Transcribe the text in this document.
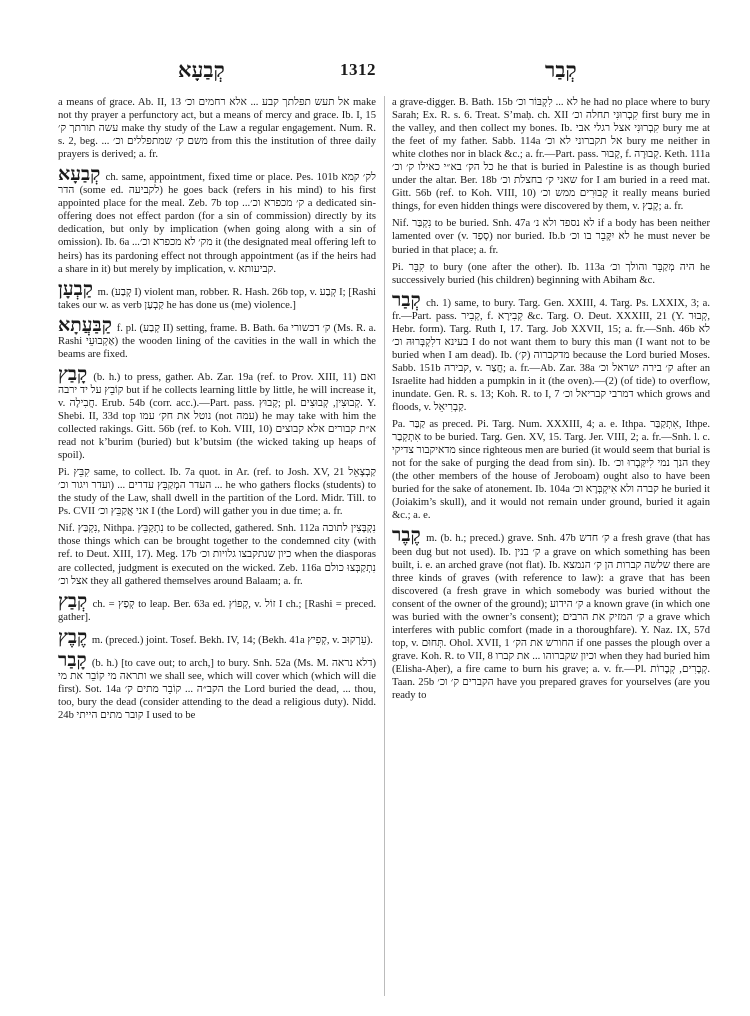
קְבַעָא	1312	קְבַר

a means of grace. Ab. II, 13 אל תעש תפלתך קבע ... אלא רחמים וכ׳ make not thy prayer a perfunctory act, but a means of mercy and grace. Ib. I, 15 עשה תורתך ק׳ make thy study of the Law a regular engagement. Num. R. s. 2, beg. ... משם ק׳ שמתפללים וכ׳ from this the institution of three daily prayers is derived; a. fr.

קְבַעָא ch. same, appointment, fixed time or place. Pes. 101b לק׳ קמא הדר (some ed. לקביעה) he goes back (refers in his mind) to his first appointed place for the meal. Zeb. 7b top ...ק׳ מכפרא וכ׳ a dedicated sin-offering does not effect pardon (for a sin of commission) directly by its dedication, but only by implication (when going along with a sin of omission). Ib. 6a ...מק׳ לא מכפרא וכ׳ it (the designated meal offering left to heirs) has its pardoning effect not through appointment (as if the heirs had a share in it) but merely by implication, v. קביעותא.

קַבְעָן m. (קְבַע I) violent man, robber. R. Hash. 26b top, v. קְבַע I; [Rashi takes our w. as verb קַבְעַן he has done us (me) violence.]

קַבַּעֲתָא f. pl. (קְבַע II) setting, frame. B. Bath. 6a ק׳ דכשורי (Ms. R. a. Rashi אַקְבוּעֵי) the wooden lining of the cavities in the wall in which the beams are fixed.

קָבַץ (b. h.) to press, gather. Ab. Zar. 19a (ref. to Prov. XIII, 11) ואם קוֹבֵץ על יד ירבה but if he collects learning little by little, he will increase it, v. חֲבִילָה. Erub. 54b (corr. acc.).—Part. pass. קָבוּץ; pl. קְבוּצִין, קְבוּצִים. Y. Shebi. II, 33d top נוטל את חק׳ עמו (not עמה) he may take with him the collected rakings. Gitt. 56b (ref. to Koh. VIII, 10) א״ת קבורים אלא קבוצים read not k’burim (buried) but k’butsim (the wicked taking up heaps of spoil).

Pi. קִבֵּץ same, to collect. Ib. 7a quot. in Ar. (ref. to Josh. XV, 21 קַבְצְאֵל ועדר ויגור וכ׳) ... העדר המְקַבֵּץ עדרים ... he who gathers flocks (students) to the study of the Law, shall dwell in the partition of the Lord. Midr. Till. to Ps. CVII אני אֲקַבֵּץ וכ׳ I (the Lord) will gather you in due time; a. fr.

Nif. נִקְבַּץ, Nithpa. נִתְקַבֵּץ to be collected, gathered. Snh. 112a נִקְבָּצִין לתוכה those things which can be brought together to the condemned city (with ref. to Deut. XIII, 17). Meg. 17b כיון שנתקבצו גלויות וכ׳ when the diasporas are collected, judgment is executed on the wicked. Zeb. 116a נִתְקַבְּצוּ כולם אצל וכ׳ they all gathered themselves around Balaam; a. fr.

קְבַץ ch. = קְפַץ to leap. Ber. 63a ed. קְפוֹץ, v. זוֹל I ch.; [Rashi = preced. gather].

קֶבֶץ m. (preced.) joint. Tosef. Bekh. IV, 14; (Bekh. 41a קְפִיץ, v. עֵרְקוּב).

קָבַר (b. h.) [to cave out; to arch,] to bury. Snh. 52a (Ms. M. דלא נראה) ותראה מי קוֹבֵר את מי we shall see, which will cover which (which will die first). Sot. 14a הקב״ה ... קוֹבֵר מתים ק׳ the Lord buried the dead, ... thou, too, bury the dead (consider attending to the dead a religious duty). Nidd. 24b קובר מתים הייתי I used to be

a grave-digger. B. Bath. 15b לא ... לִקְבּוֹר וכ׳ he had no place where to bury Sarah; Ex. R. s. 6. Treat. S’maḥ. ch. XII קִבְרוּנִי תחלה וכ׳ first bury me in the valley, and then collect my bones. Ib. קִבְרוּנִי אצל רגלי אבי bury me at the feet of my father. Sabb. 114a אל תקברוני לא וכ׳ bury me neither in white clothes nor in black &c.; a. fr.—Part. pass. קָבוּר, f. קְבוּרָה. Keth. 111a כל הק׳ בא״י כאילו ק׳ וכ׳ he that is buried in Palestine is as though buried under the altar. Ber. 18b שאני ק׳ בחצלת וכ׳ for I am buried in a reed mat. Gitt. 56b (ref. to Koh. VIII, 10) קְבוּרִים ממש וכ׳ it really means buried things, for even hidden things were discovered by them, v. קָבַץ; a. fr.

Nif. נִקְבַּר to be buried. Snh. 47a לא נספד ולא נ׳ if a body has been neither lamented over (v. סָפַד) nor buried. Ib.b לא יִקָּבֵר בו וכ׳ he must never be buried in that place; a. fr.

Pi. קִבֵּר to bury (one after the other). Ib. 113a היה מְקַבֵּר והולך וכ׳ he successively buried (his children) beginning with Abiham &c.

קְבַר ch. 1) same, to bury. Targ. Gen. XXIII, 4. Targ. Ps. LXXIX, 3; a. fr.—Part. pass. קְבִיר, f. קְבִירָא &c. Targ. O. Deut. XXXIII, 21 (Y. קְבוּר, Hebr. form). Targ. Ruth I, 17. Targ. Job XXVII, 15; a. fr.—Snh. 46b לא בעינא דלִקְבְּרוּהּ וכ׳ I do not want them to bury this man (I want not to be buried when I am dead). Ib. (ק׳) מדקברוה because the Lord buried Moses. Sabb. 151b קבירה, v. חֲצַר; a. fr.—Ab. Zar. 38a ק׳ בירה ישראל וכ׳ after an Israelite had hidden a pumpkin in it (the oven).—(2) (of tide) to overflow, inundate. Gen. R. s. 13; Koh. R. to I, 7 דמרבי קבריאל וכ׳ which grows and floods, v. קַבְרִיאֵל.

Pa. קַבַּר as preced. Pi. Targ. Num. XXXIII, 4; a. e. Ithpa. אִתְקַבַּר, Ithpe. אִתְקְבַר to be buried. Targ. Gen. XV, 15. Targ. Jer. VIII, 2; a. fr.—Snh. l. c. מדאיקבור צדיקי since righteous men are buried (it would seem that burial is not for the sake of purging the dead from sin). Ib. הנך נמי לִיקַּבְרוּ וכ׳ they (the other members of the house of Jeroboam) ought also to have been buried for the sake of atonement. Ib. 104a קברה ולא אִיקְבְּרָא וכ׳ he buried it (Joiakim’s skull), and it would not remain under ground, buried it again &c.; a. e.

קֶבֶר m. (b. h.; preced.) grave. Snh. 47b ק׳ חדש a fresh grave (that has been dug but not used). Ib. ק׳ בנין a grave on which something has been built, i. e. an arched grave (not flat). Ib. שלשה קברות הן ק׳ הנמצא there are three kinds of graves (with reference to law): a grave that has been discovered (a fresh grave in which somebody was buried without the consent of the owner of the ground); ק׳ הידוע a known grave (in which one was buried with the owner’s consent); ק׳ המזיק את הרבים a grave which interferes with public comfort (made in a thoroughfare). Y. Naz. IX, 57d top, v. תְּחוּם. Ohol. XVII, 1 החורש את הק׳ if one passes the plough over a grave. Koh. R. to VII, 8 וכיון שקברוהו ... את קברו when they had buried him (Elisha-Aḥer), a fire came to burn his grave; a. v. fr.—Pl. קְבָרִים, קְבָרוֹת. Taan. 25b הקברים ק׳ וכ׳ have you prepared graves for yourselves (are you ready to
